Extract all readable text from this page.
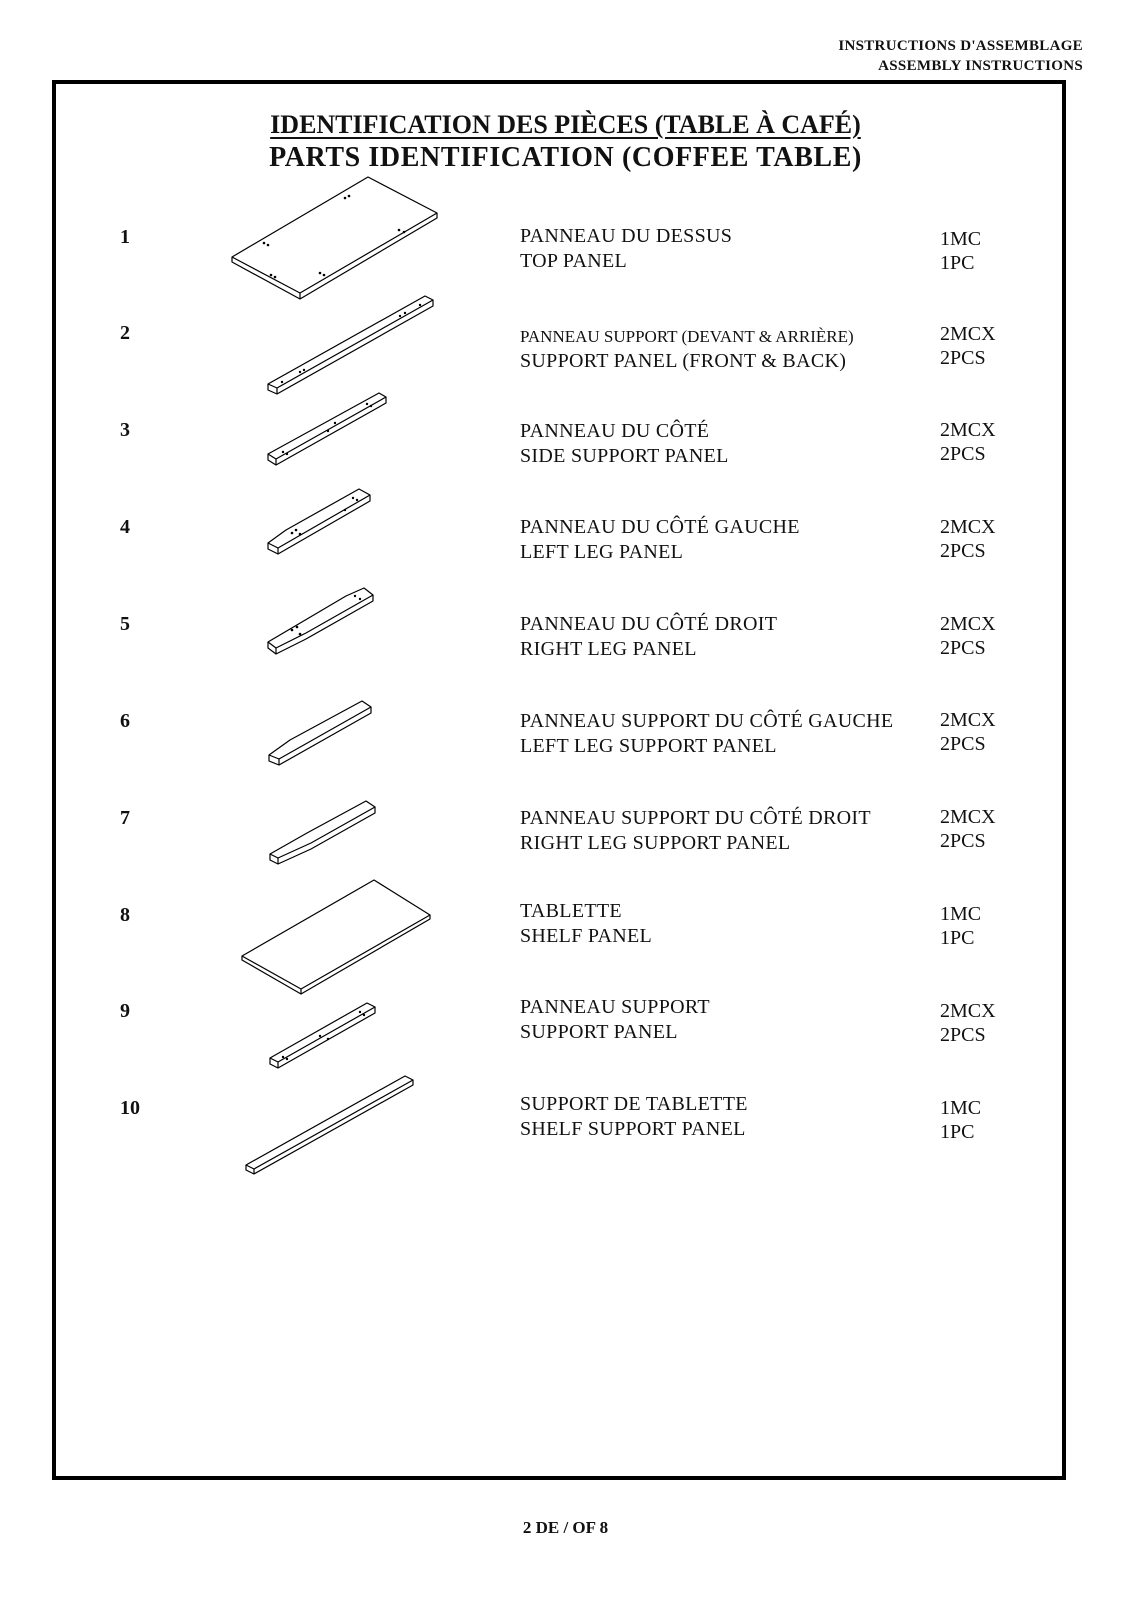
INSTRUCTIONS D'ASSEMBLAGE
ASSEMBLY INSTRUCTIONS
IDENTIFICATION DES PIÈCES (TABLE À CAFÉ)
PARTS IDENTIFICATION (COFFEE TABLE)
1
2
3
4
5
6
7
8
9
10
PANNEAU DU DESSUS
TOP PANEL
PANNEAU SUPPORT (DEVANT & ARRIÈRE)
SUPPORT PANEL (FRONT & BACK)
PANNEAU DU CÔTÉ
SIDE SUPPORT PANEL
PANNEAU DU CÔTÉ GAUCHE
LEFT LEG PANEL
PANNEAU DU CÔTÉ DROIT
RIGHT LEG PANEL
PANNEAU SUPPORT DU CÔTÉ GAUCHE
LEFT LEG SUPPORT PANEL
PANNEAU SUPPORT DU CÔTÉ DROIT
RIGHT LEG SUPPORT PANEL
TABLETTE
SHELF PANEL
PANNEAU SUPPORT
SUPPORT PANEL
SUPPORT DE TABLETTE
SHELF SUPPORT PANEL
1MC
1PC
2MCX
2PCS
2MCX
2PCS
2MCX
2PCS
2MCX
2PCS
2MCX
2PCS
2MCX
2PCS
1MC
1PC
2MCX
2PCS
1MC
1PC
2 DE / OF 8
